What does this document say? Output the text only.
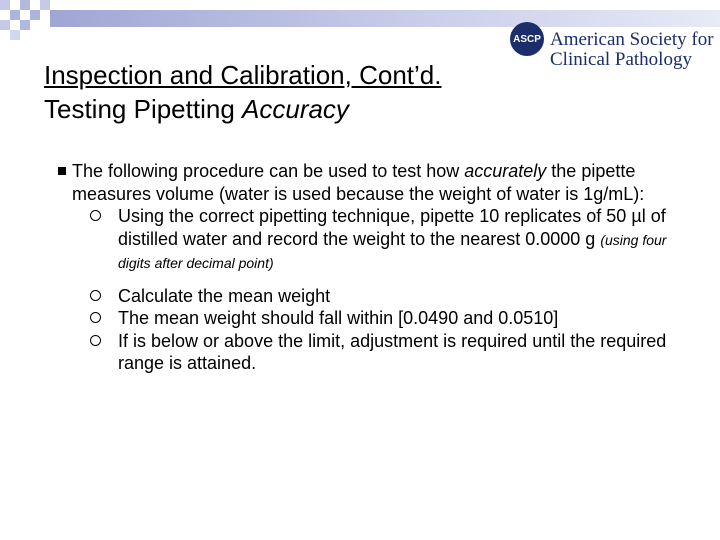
ASCP American Society for
Clinical Pathology
Inspection and Calibration, Cont’d.
Testing Pipetting Accuracy
The following procedure can be used to test how accurately the pipette measures volume (water is used because the weight of water is 1g/mL):
Using the correct pipetting technique, pipette 10 replicates of 50 µl of distilled water and record the weight to the nearest 0.0000 g (using four digits after decimal point)
Calculate the mean weight
The mean weight should fall within [0.0490 and 0.0510]
If is below or above the limit, adjustment is required until the required range is attained.
